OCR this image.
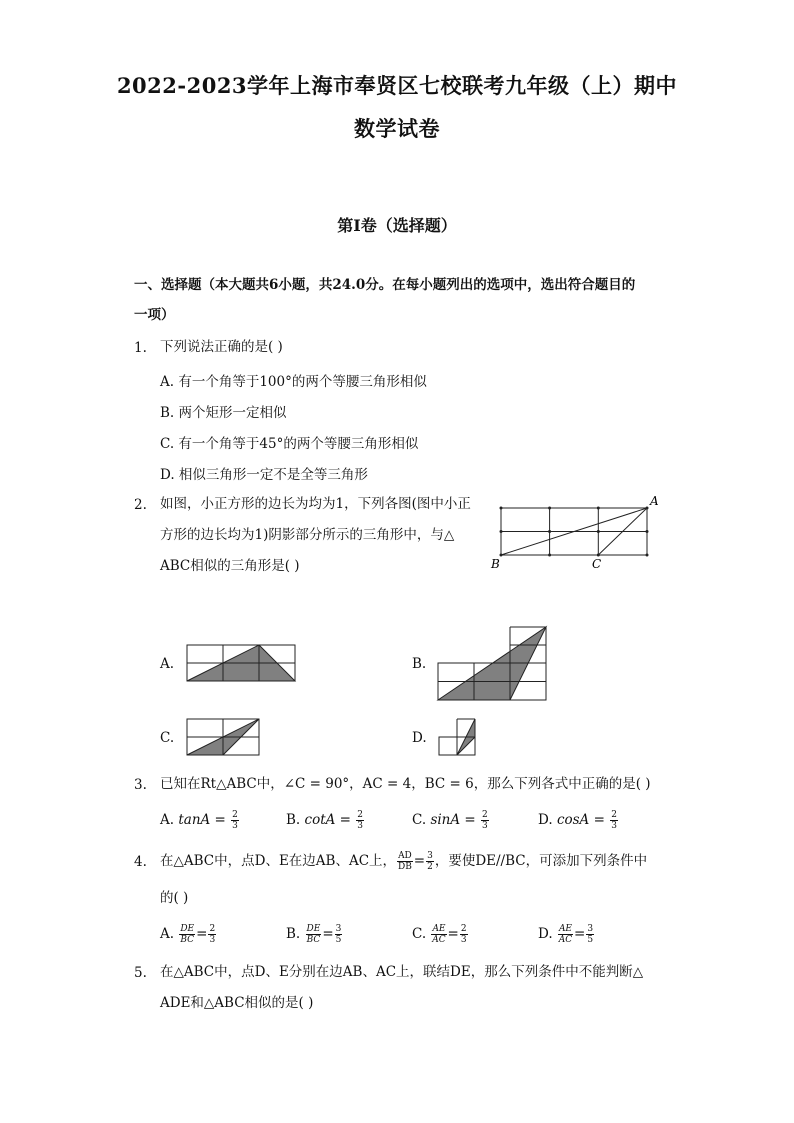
2022-2023学年上海市奉贤区七校联考九年级（上）期中
数学试卷
第I卷（选择题）
一、选择题（本大题共6小题，共24.0分。在每小题列出的选项中，选出符合题目的
一项）
1. 下列说法正确的是( )
A. 有一个角等于100°的两个等腰三角形相似
B. 两个矩形一定相似
C. 有一个角等于45°的两个等腰三角形相似
D. 相似三角形一定不是全等三角形
2. 如图，小正方形的边长为均为1，下列各图(图中小正
方形的边长均为1)阴影部分所示的三角形中，与△
ABC相似的三角形是( )
A
B	C
A.	B.
C.	D.
3. 已知在Rt△ABC中，∠C = 90°，AC = 4，BC = 6，那么下列各式中正确的是( )
A. $\tan A = \frac{2}{3}$	B. $\cot A = \frac{2}{3}$	C. $\sin A = \frac{2}{3}$	D. $\cos A = \frac{2}{3}$
4. 在△ABC中，点D、E在边AB、AC上， $\frac{AD}{DB} = \frac{3}{2}$ ，要使DE//BC，可添加下列条件中
的( )
A. $\frac{DE}{BC} = \frac{2}{3}$	B. $\frac{DE}{BC} = \frac{3}{5}$	C. $\frac{AE}{AC} = \frac{2}{3}$	D. $\frac{AE}{AC} = \frac{3}{5}$
5. 在△ABC中，点D、E分别在边AB、AC上，联结DE，那么下列条件中不能判断△
ADE和△ABC相似的是( )
